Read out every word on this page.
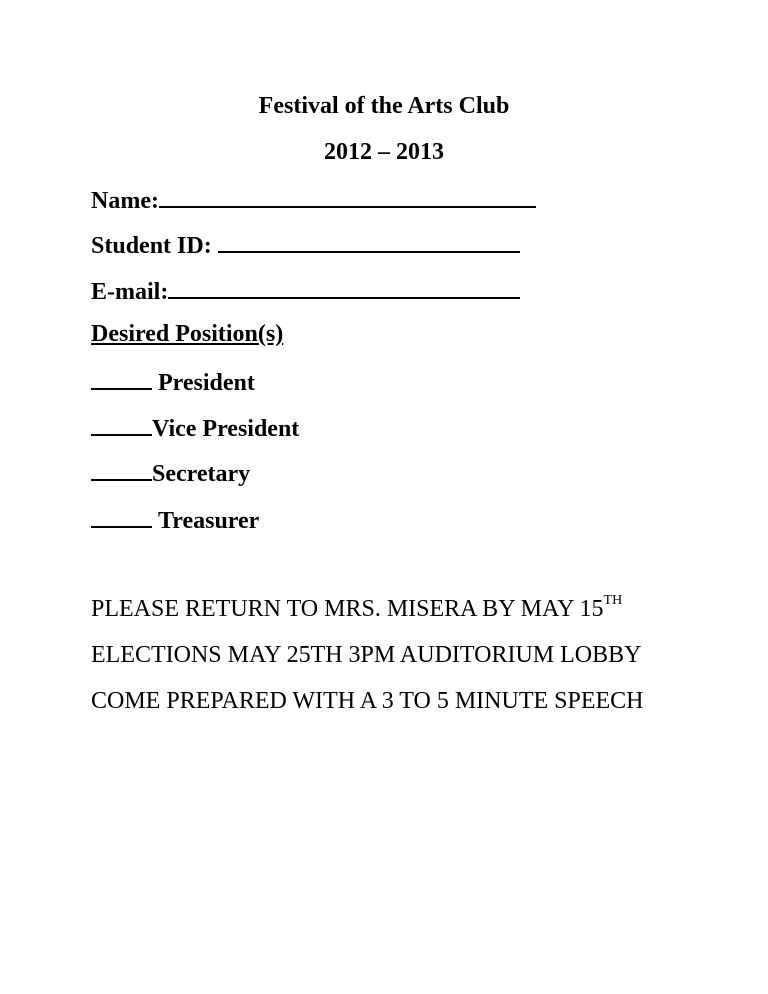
Festival of the Arts Club
2012 – 2013
Name:
Student ID:
E-mail:
Desired Position(s)
President
Vice President
Secretary
Treasurer
PLEASE RETURN TO MRS. MISERA BY MAY 15TH
ELECTIONS MAY 25TH 3PM AUDITORIUM LOBBY
COME PREPARED WITH A 3 TO 5 MINUTE SPEECH
